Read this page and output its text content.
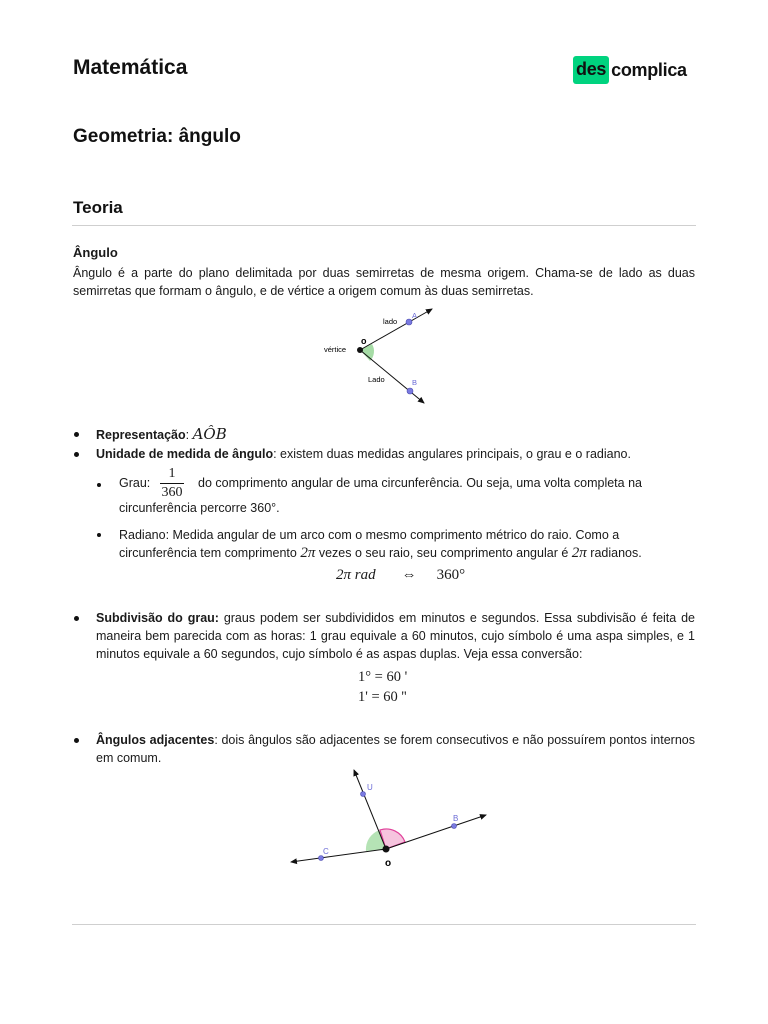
Matemática	des complica
Geometria: ângulo
Teoria
Ângulo
Ângulo é a parte do plano delimitada por duas semirretas de mesma origem. Chama-se de lado as duas semirretas que formam o ângulo, e de vértice a origem comum às duas semirretas.
lado
A
vértice
o
Lado	B
Representação: AÔB
Unidade de medida de ângulo: existem duas medidas angulares principais, o grau e o radiano.
Grau:
1
360
do comprimento angular de uma circunferência. Ou seja, uma volta completa na
circunferência percorre 360°.
Radiano: Medida angular de um arco com o mesmo comprimento métrico do raio. Como a
circunferência tem comprimento 2π vezes o seu raio, seu comprimento angular é 2π radianos.
2π rad ⇔ 360°
Subdivisão do grau: graus podem ser subdivididos em minutos e segundos. Essa subdivisão é feita de maneira bem parecida com as horas: 1 grau equivale a 60 minutos, cujo símbolo é uma aspa simples, e 1 minutos equivale a 60 segundos, cujo símbolo é as aspas duplas. Veja essa conversão:
1° = 60 '
1' = 60 ''
Ângulos adjacentes: dois ângulos são adjacentes se forem consecutivos e não possuírem pontos internos em comum.
C
U
B
o
